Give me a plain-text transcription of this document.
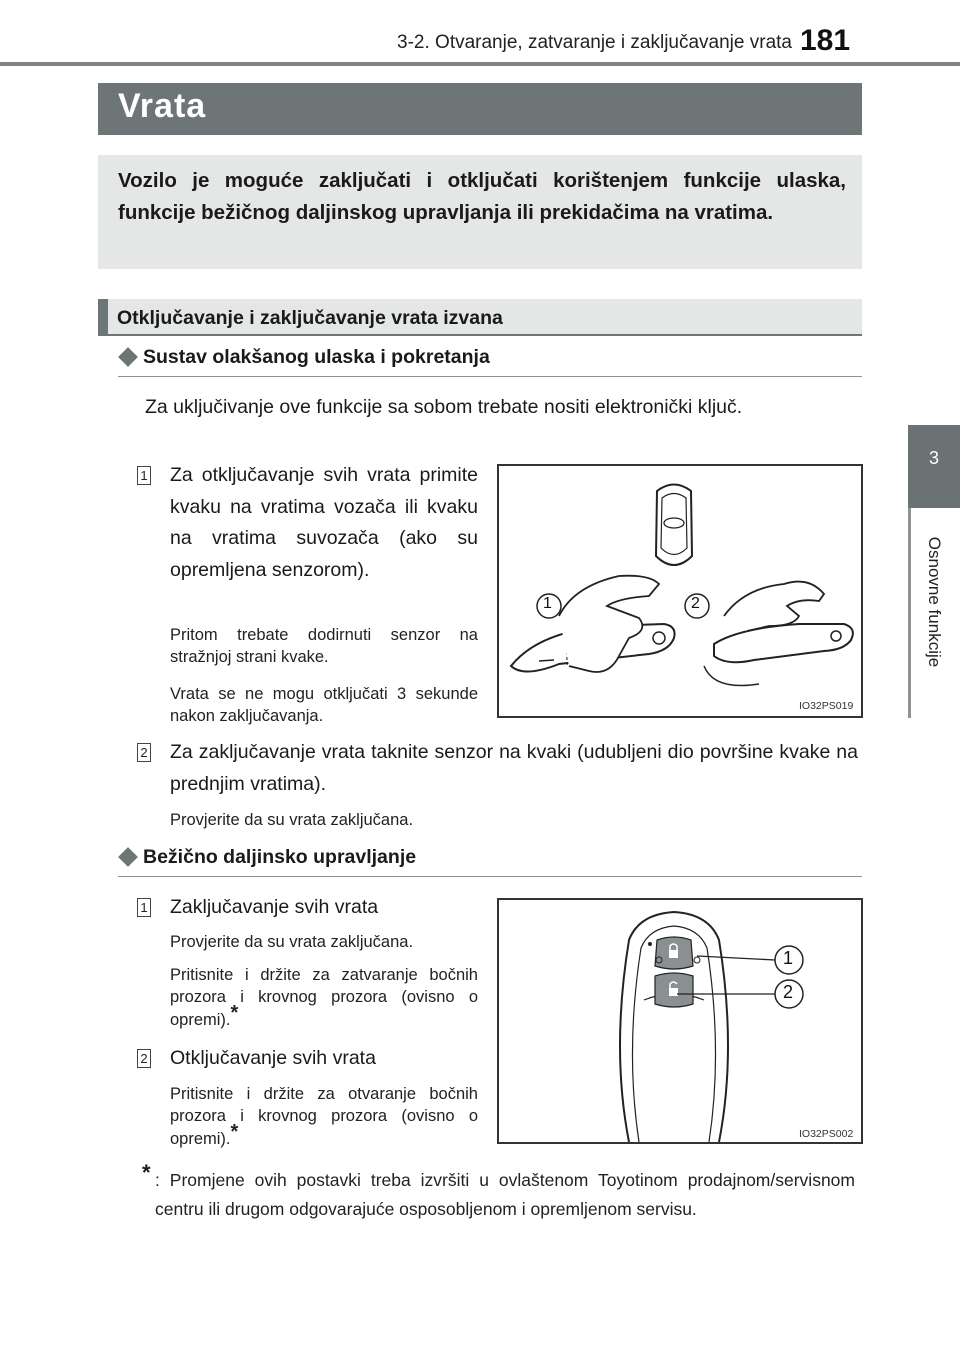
3-2. Otvaranje, zatvaranje i zaključavanje vrata 181
3
Osnovne funkcije
Vrata
Vozilo je moguće zaključati i otključati korištenjem funkcije ulaska, funkcije bežičnog daljinskog upravljanja ili prekidačima na vratima.
Otključavanje i zaključavanje vrata izvana
Sustav olakšanog ulaska i pokretanja
Za uključivanje ove funkcije sa sobom trebate nositi elektronički ključ.
1 Za otključavanje svih vrata primite kvaku na vratima vozača ili kvaku na vratima suvozača (ako su opremljena senzorom).
Pritom trebate dodirnuti senzor na stražnjoj strani kvake.
Vrata se ne mogu otključati 3 sekunde nakon zaključavanja.
1	2
IO32PS019
2 Za zaključavanje vrata taknite senzor na kvaki (udubljeni dio površine kvake na prednjim vratima).
Provjerite da su vrata zaključana.
Bežično daljinsko upravljanje
1 Zaključavanje svih vrata
Provjerite da su vrata zaključana.
Pritisnite i držite za zatvaranje bočnih prozora i krovnog prozora (ovisno o opremi).*
2 Otključavanje svih vrata
Pritisnite i držite za otvaranje bočnih prozora i krovnog prozora (ovisno o opremi).*
1
2
IO32PS002
* : Promjene ovih postavki treba izvršiti u ovlaštenom Toyotinom prodajnom/servisnom centru ili drugom odgovarajuće osposobljenom i opremljenom servisu.
